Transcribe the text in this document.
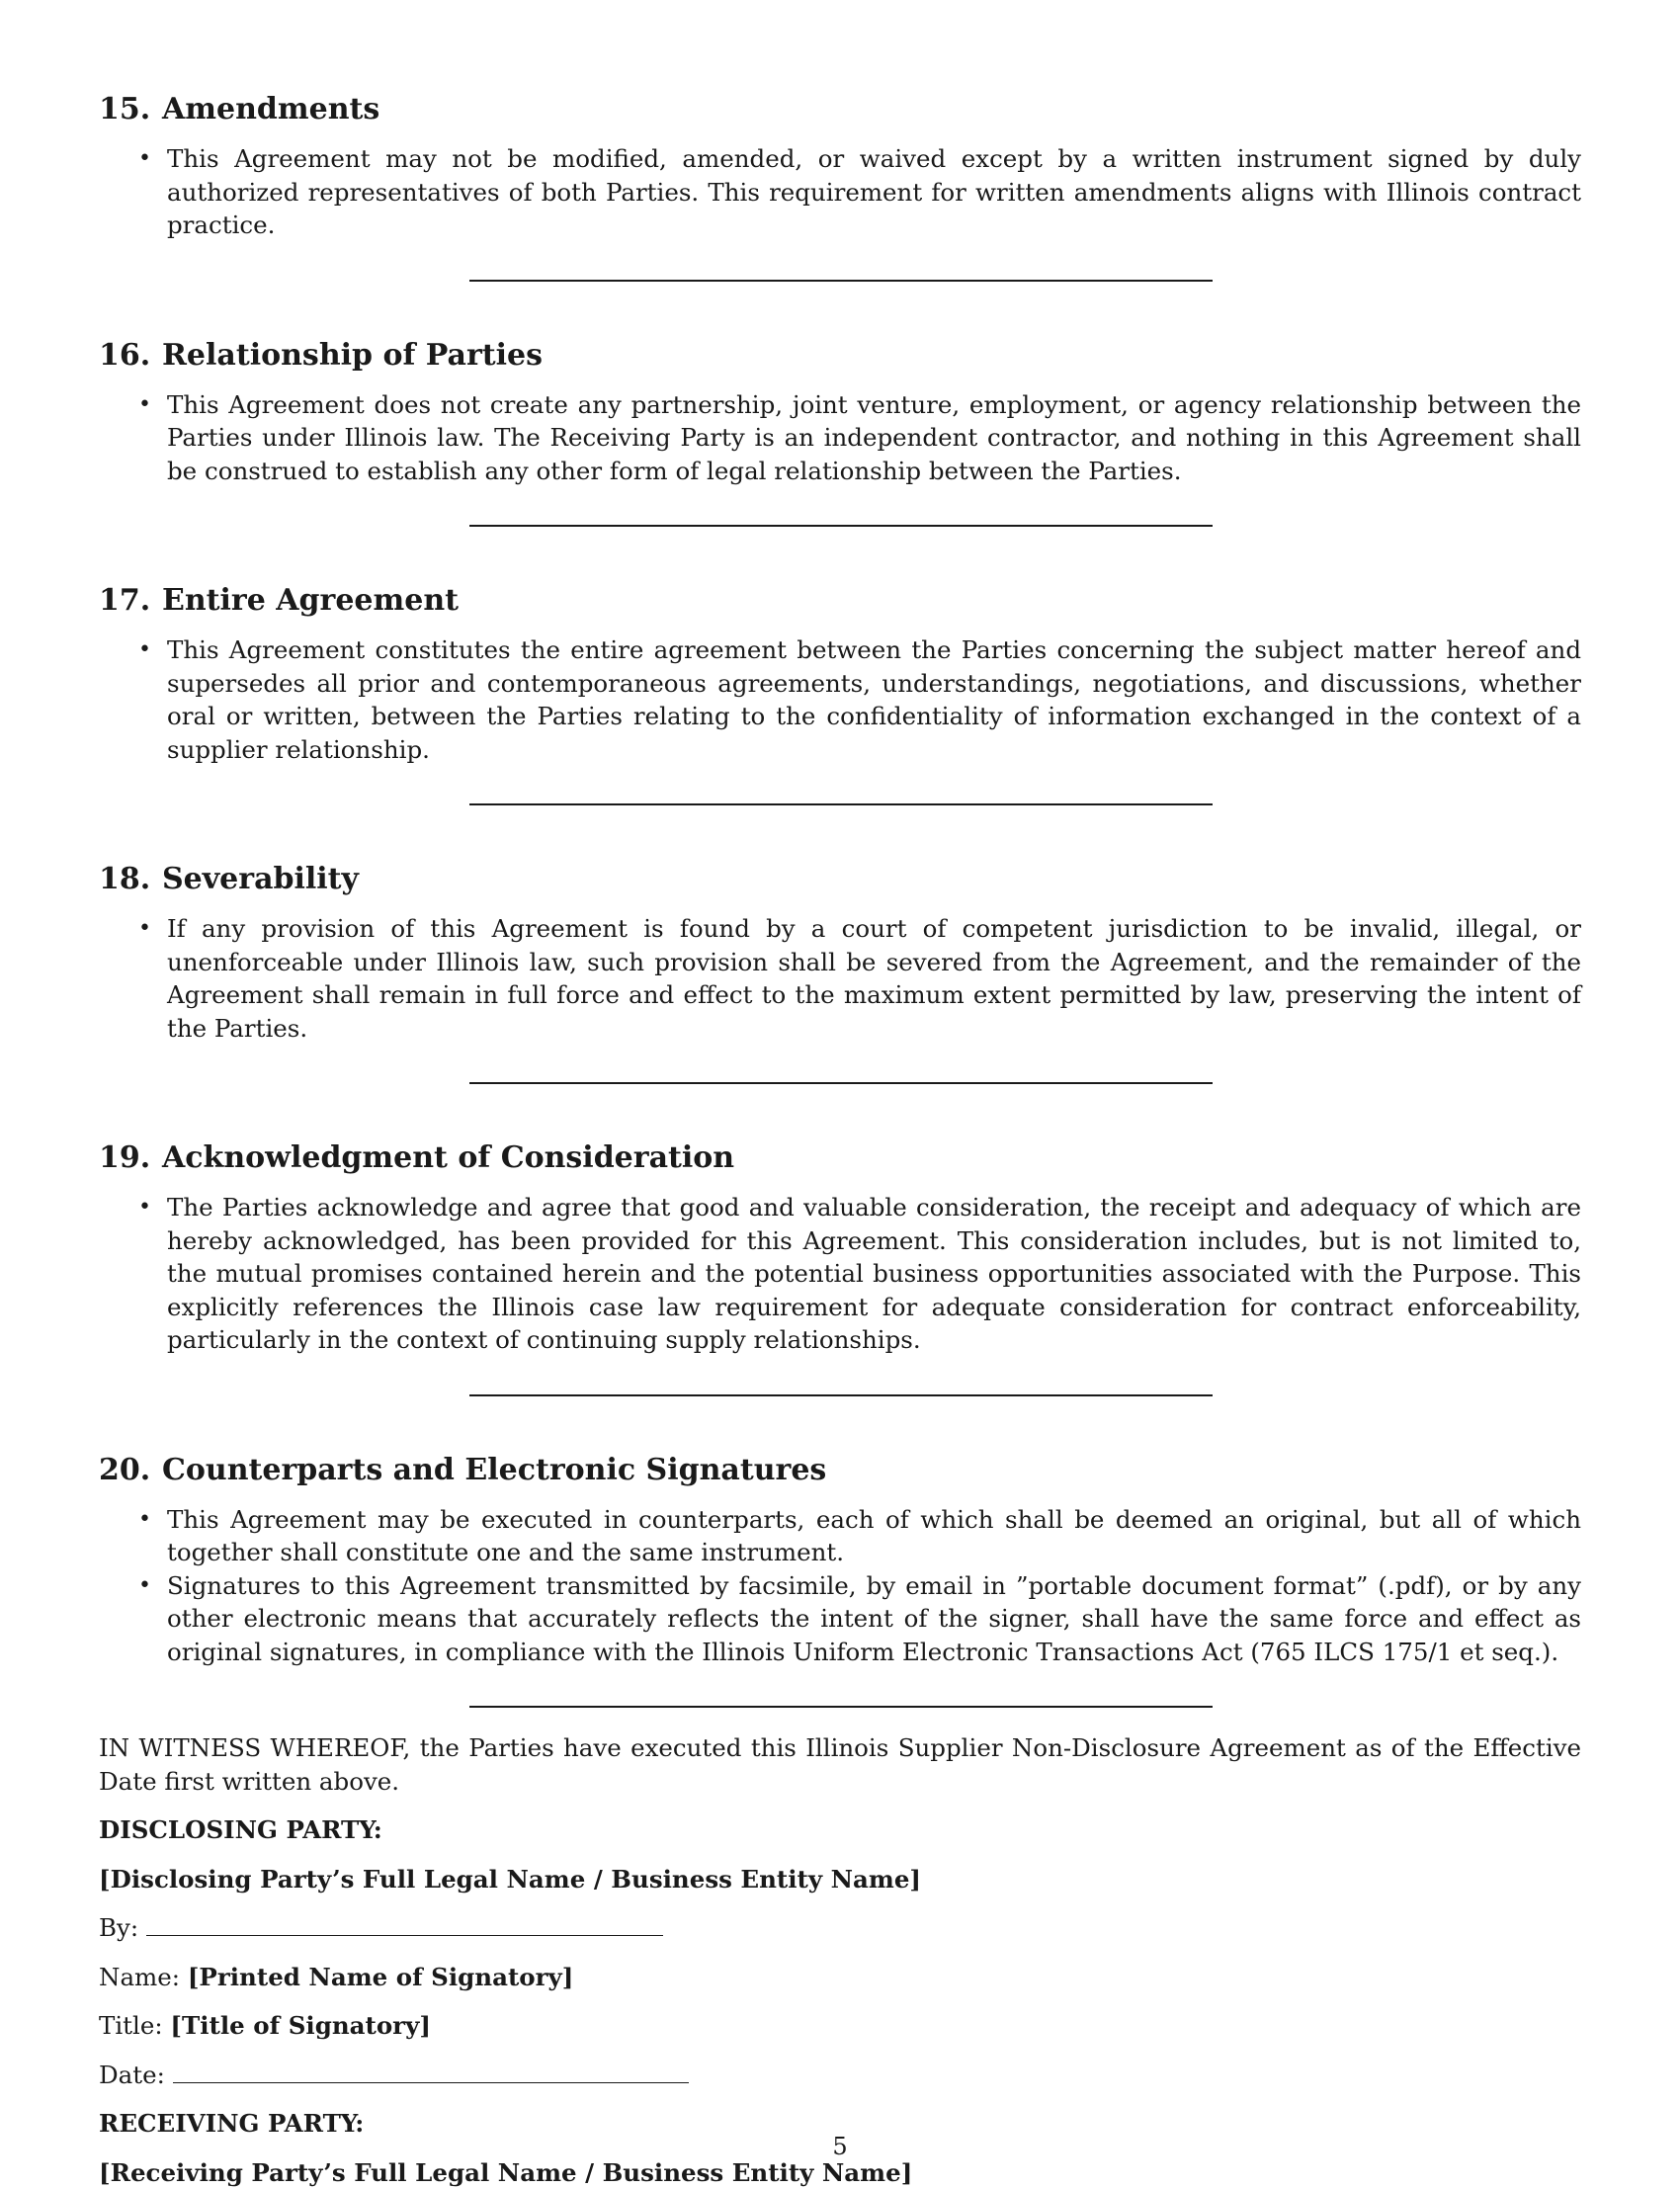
15. Amendments
• This Agreement may not be modified, amended, or waived except by a written instrument signed by duly authorized representatives of both Parties. This requirement for written amendments aligns with Illinois contract practice.
16. Relationship of Parties
• This Agreement does not create any partnership, joint venture, employment, or agency relationship between the Parties under Illinois law. The Receiving Party is an independent contractor, and nothing in this Agreement shall be construed to establish any other form of legal relationship between the Parties.
17. Entire Agreement
• This Agreement constitutes the entire agreement between the Parties concerning the subject matter hereof and supersedes all prior and contemporaneous agreements, understandings, negotiations, and discussions, whether oral or written, between the Parties relating to the confidentiality of information exchanged in the context of a supplier relationship.
18. Severability
• If any provision of this Agreement is found by a court of competent jurisdiction to be invalid, illegal, or unenforceable under Illinois law, such provision shall be severed from the Agreement, and the remainder of the Agreement shall remain in full force and effect to the maximum extent permitted by law, preserving the intent of the Parties.
19. Acknowledgment of Consideration
• The Parties acknowledge and agree that good and valuable consideration, the receipt and adequacy of which are hereby acknowledged, has been provided for this Agreement. This consideration includes, but is not limited to, the mutual promises contained herein and the potential business opportunities associated with the Purpose. This explicitly references the Illinois case law requirement for adequate consideration for contract enforceability, particularly in the context of continuing supply relationships.
20. Counterparts and Electronic Signatures
• This Agreement may be executed in counterparts, each of which shall be deemed an original, but all of which together shall constitute one and the same instrument.
• Signatures to this Agreement transmitted by facsimile, by email in ”portable document format” (.pdf), or by any other electronic means that accurately reflects the intent of the signer, shall have the same force and effect as original signatures, in compliance with the Illinois Uniform Electronic Transactions Act (765 ILCS 175/1 et seq.).

IN WITNESS WHEREOF, the Parties have executed this Illinois Supplier Non-Disclosure Agreement as of the Effective Date first written above.

DISCLOSING PARTY:

[Disclosing Party’s Full Legal Name / Business Entity Name]

By:

Name: [Printed Name of Signatory]

Title: [Title of Signatory]

Date:

RECEIVING PARTY:

[Receiving Party’s Full Legal Name / Business Entity Name]

5
